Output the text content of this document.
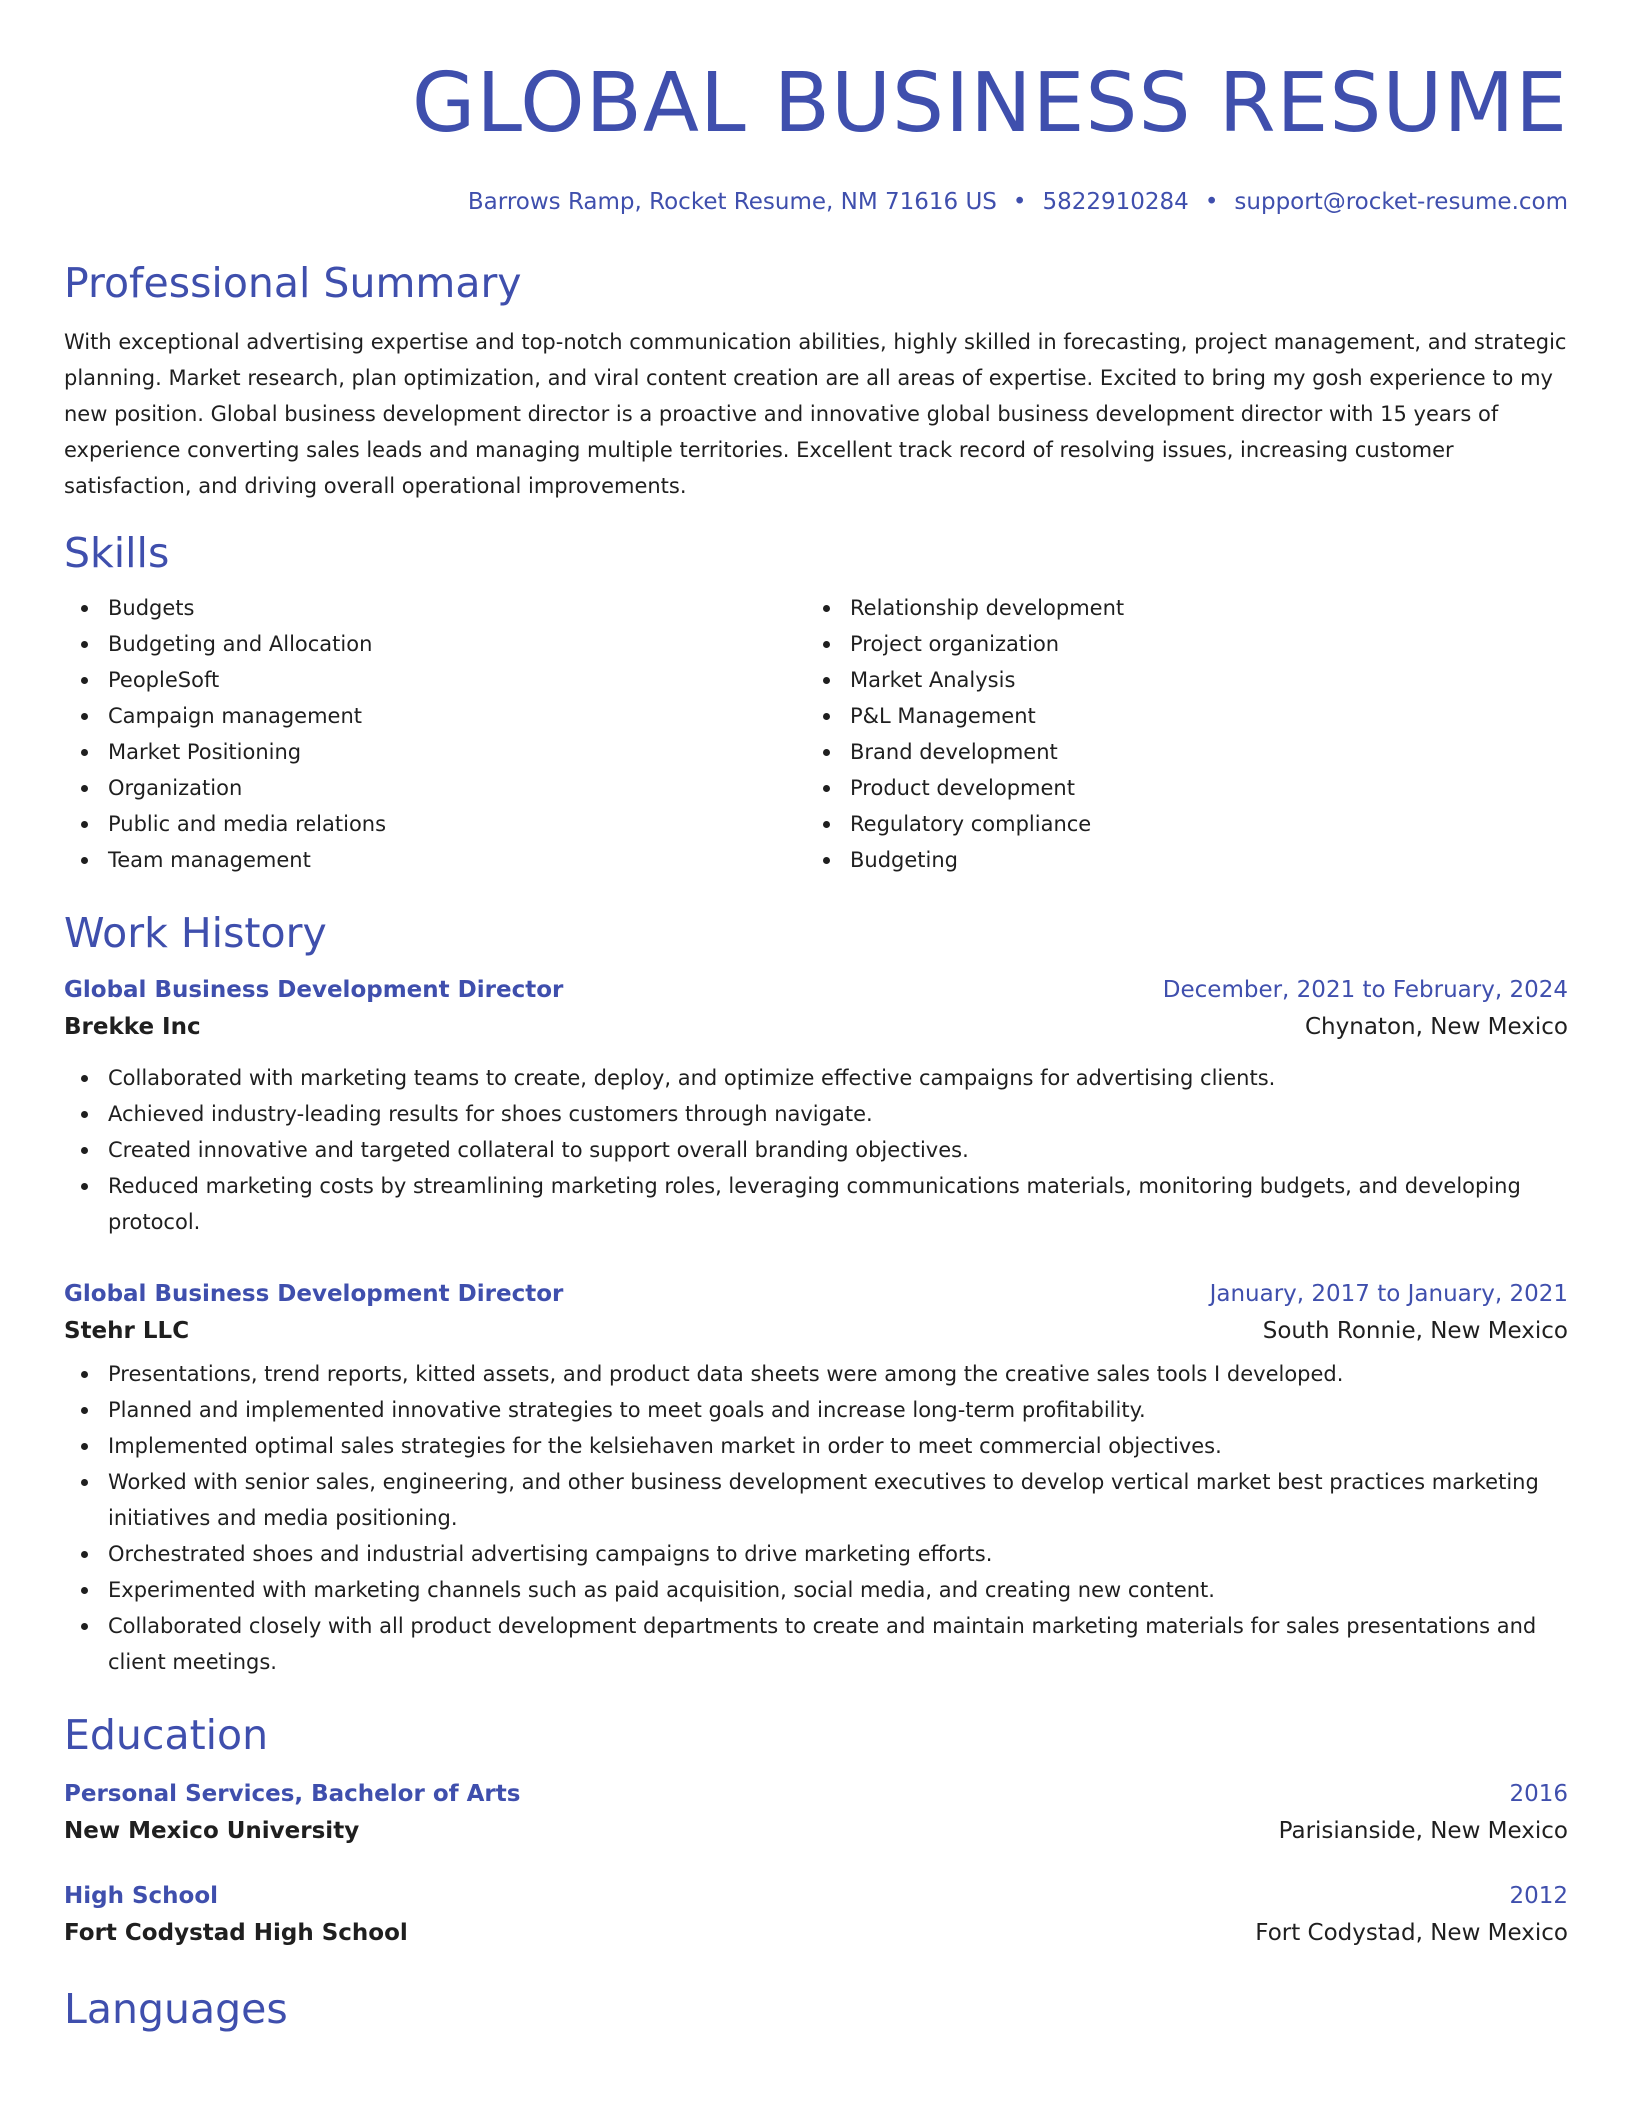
GLOBAL BUSINESS RESUME
Barrows Ramp, Rocket Resume, NM 71616 US • 5822910284 • support@rocket-resume.com
Professional Summary

With exceptional advertising expertise and top-notch communication abilities, highly skilled in forecasting, project management, and strategic planning. Market research, plan optimization, and viral content creation are all areas of expertise. Excited to bring my gosh experience to my new position. Global business development director is a proactive and innovative global business development director with 15 years of experience converting sales leads and managing multiple territories. Excellent track record of resolving issues, increasing customer satisfaction, and driving overall operational improvements.

Skills
Budgets
Budgeting and Allocation
PeopleSoft
Campaign management
Market Positioning
Organization
Public and media relations
Team management
Relationship development
Project organization
Market Analysis
P&L Management
Brand development
Product development
Regulatory compliance
Budgeting
Work History
Global Business Development Director	December, 2021 to February, 2024
Brekke Inc	Chynaton, New Mexico
Collaborated with marketing teams to create, deploy, and optimize effective campaigns for advertising clients.
Achieved industry-leading results for shoes customers through navigate.
Created innovative and targeted collateral to support overall branding objectives.
Reduced marketing costs by streamlining marketing roles, leveraging communications materials, monitoring budgets, and developing protocol.
Global Business Development Director	January, 2017 to January, 2021
Stehr LLC	South Ronnie, New Mexico
Presentations, trend reports, kitted assets, and product data sheets were among the creative sales tools I developed.
Planned and implemented innovative strategies to meet goals and increase long-term profitability.
Implemented optimal sales strategies for the kelsiehaven market in order to meet commercial objectives.
Worked with senior sales, engineering, and other business development executives to develop vertical market best practices marketing initiatives and media positioning.
Orchestrated shoes and industrial advertising campaigns to drive marketing efforts.
Experimented with marketing channels such as paid acquisition, social media, and creating new content.
Collaborated closely with all product development departments to create and maintain marketing materials for sales presentations and client meetings.
Education
Personal Services, Bachelor of Arts	2016
New Mexico University	Parisianside, New Mexico
High School	2012
Fort Codystad High School	Fort Codystad, New Mexico
Languages
